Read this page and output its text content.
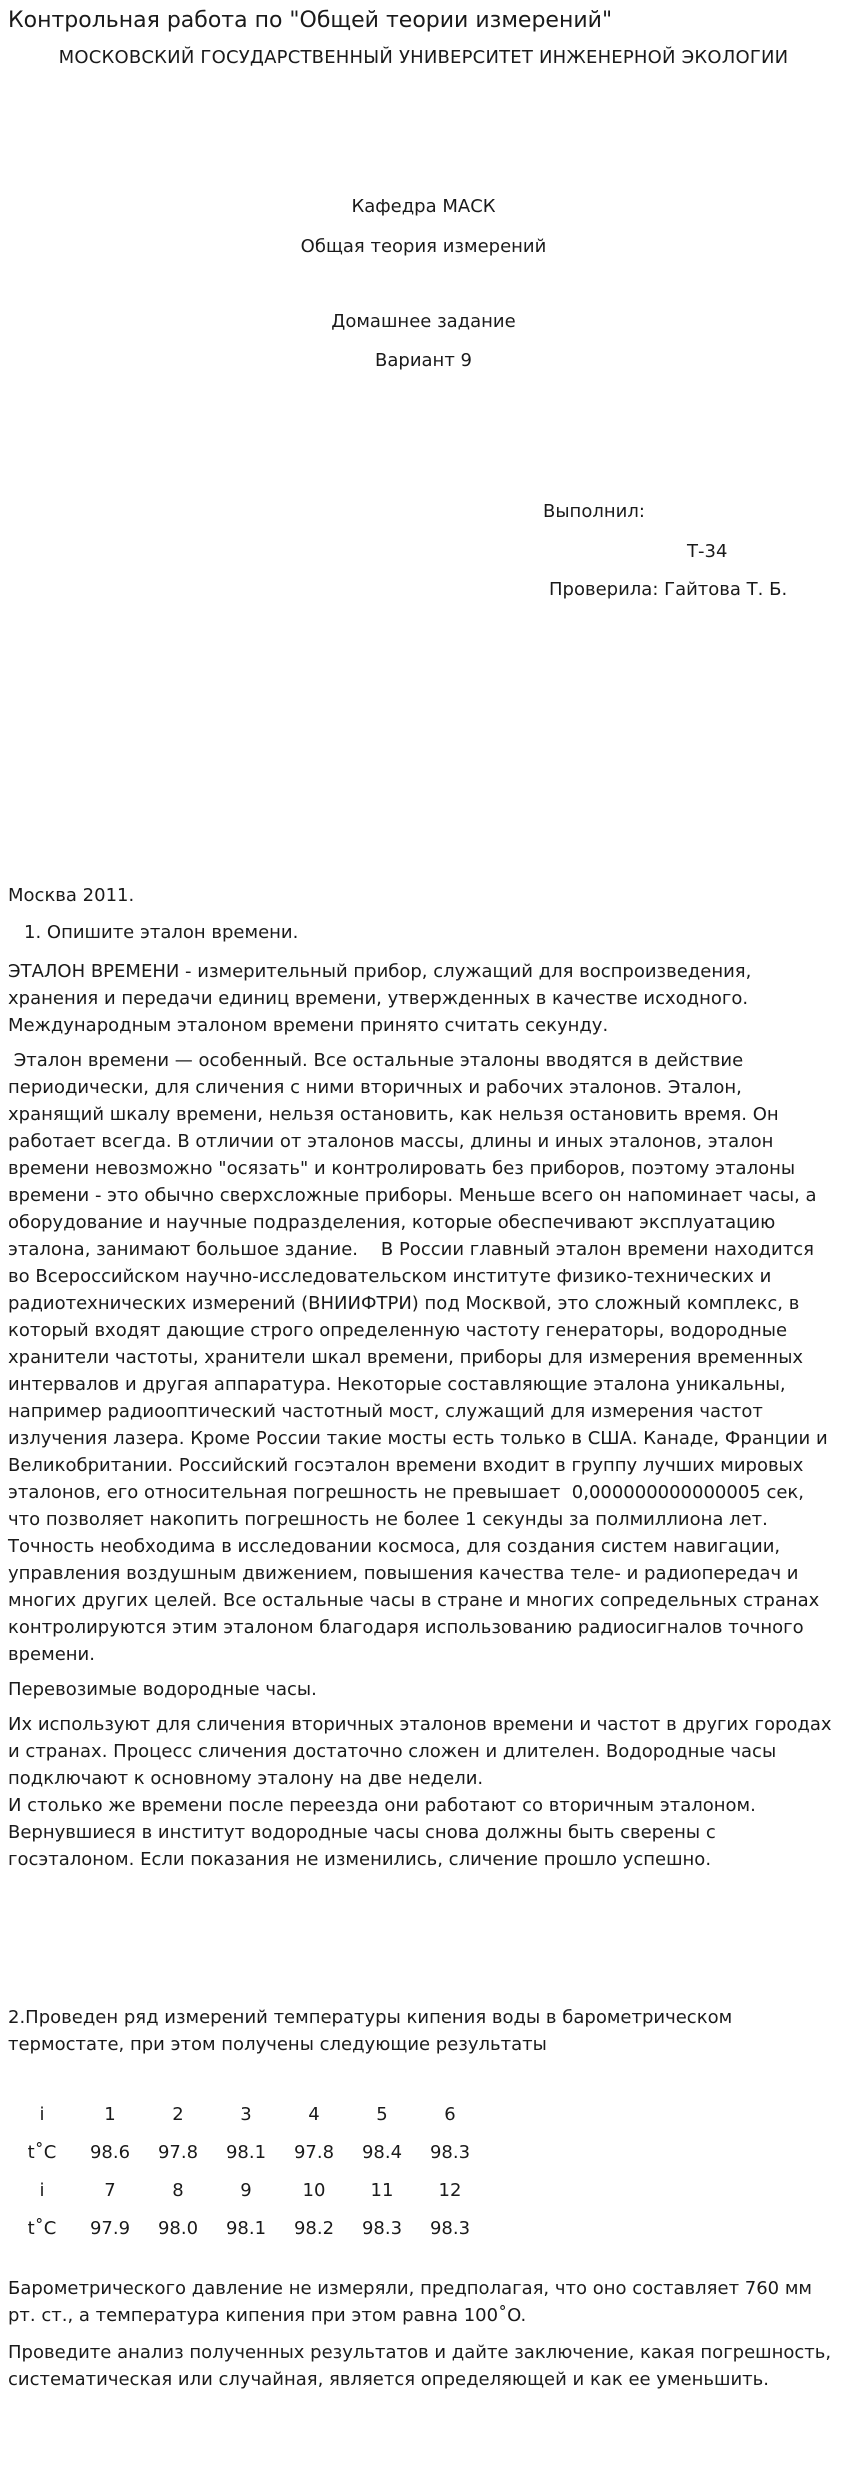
Контрольная работа по "Общей теории измерений"
МОСКОВСКИЙ ГОСУДАРСТВЕННЫЙ УНИВЕРСИТЕТ ИНЖЕНЕРНОЙ ЭКОЛОГИИ
Кафедра МАСК
Общая теория измерений
Домашнее задание
Вариант 9
Выполнил:
Т-34
Проверила: Гайтова Т. Б.
Москва 2011.
1. Опишите эталон времени.
ЭТАЛОН ВРЕМЕНИ - измерительный прибор, служащий для воспроизведения, хранения и передачи единиц времени, утвержденных в качестве исходного. Международным эталоном времени принято считать секунду.
Эталон времени — особенный. Все остальные эталоны вводятся в действие периодически, для сличения с ними вторичных и рабочих эталонов. Эталон, хранящий шкалу времени, нельзя остановить, как нельзя остановить время. Он работает всегда. В отличии от эталонов массы, длины и иных эталонов, эталон времени невозможно "осязать" и контролировать без приборов, поэтому эталоны времени - это обычно сверхсложные приборы. Меньше всего он напоминает часы, а оборудование и научные подразделения, которые обеспечивают эксплуатацию эталона, занимают большое здание.    В России главный эталон времени находится во Всероссийском научно-исследовательском институте физико-технических и радиотехнических измерений (ВНИИФТРИ) под Москвой, это сложный комплекс, в который входят дающие строго определенную частоту генераторы, водородные хранители частоты, хранители шкал времени, приборы для измерения временных интервалов и другая аппаратура. Некоторые составляющие эталона уникальны, например радиооптический частотный мост, служащий для измерения частот излучения лазера. Кроме России такие мосты есть только в США. Канаде, Франции и Великобритании. Российский госэталон времени входит в группу лучших мировых эталонов, его относительная погрешность не превышает  0,000000000000005 сек, что позволяет накопить погрешность не более 1 секунды за полмиллиона лет. Точность необходима в исследовании космоса, для создания систем навигации, управления воздушным движением, повышения качества теле- и радиопередач и многих других целей. Все остальные часы в стране и многих сопредельных странах контролируются этим эталоном благодаря использованию радиосигналов точного времени.
Перевозимые водородные часы.
Их используют для сличения вторичных эталонов времени и частот в других городах и странах. Процесс сличения достаточно сложен и длителен. Водородные часы подключают к основному эталону на две недели.
И столько же времени после переезда они работают со вторичным эталоном. Вернувшиеся в институт водородные часы снова должны быть сверены с госэталоном. Если показания не изменились, сличение прошло успешно.
2.Проведен ряд измерений температуры кипения воды в барометрическом термостате, при этом получены следующие результаты
i	1	2	3	4	5	6
t˚C	98.6	97.8	98.1	97.8	98.4	98.3
i	7	8	9	10	11	12
t˚C	97.9	98.0	98.1	98.2	98.3	98.3
Барометрического давление не измеряли, предполагая, что оно составляет 760 мм рт. ст., а температура кипения при этом равна 100˚O.
Проведите анализ полученных результатов и дайте заключение, какая погрешность, систематическая или случайная, является определяющей и как ее уменьшить.
